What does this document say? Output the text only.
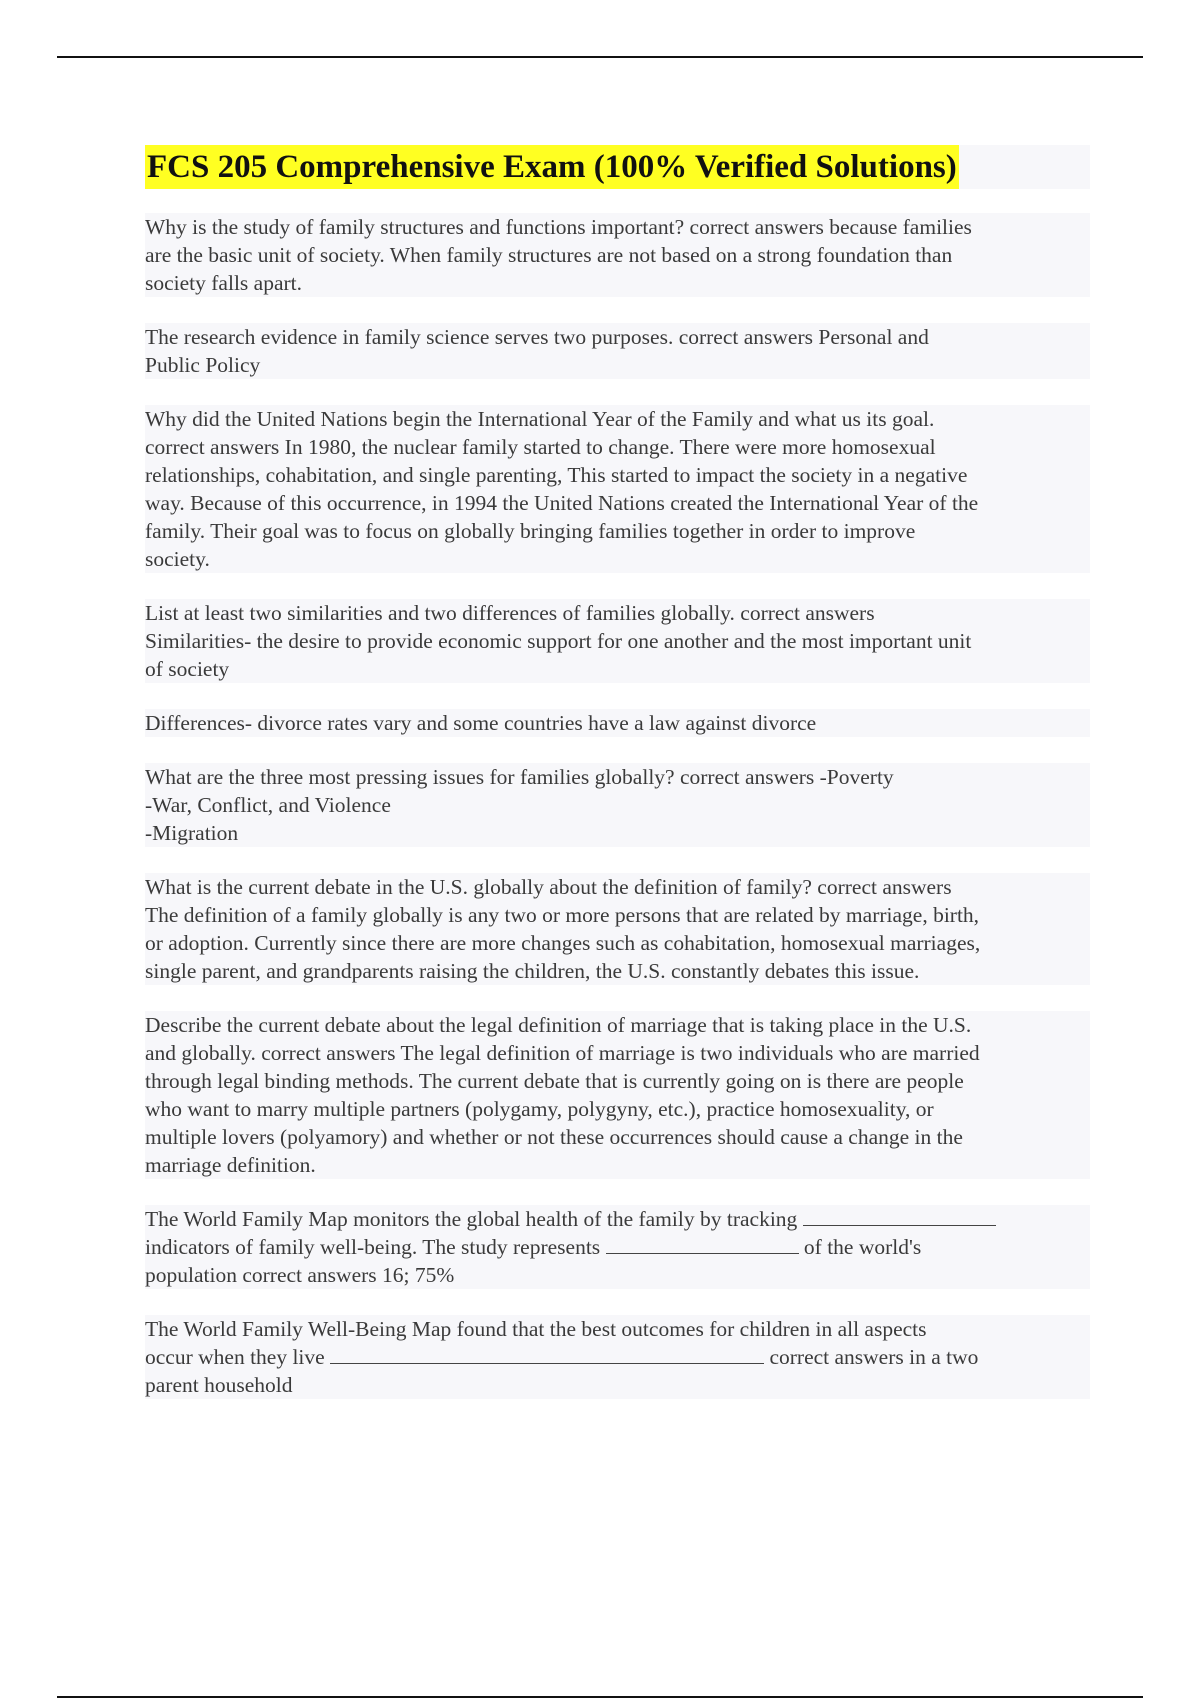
FCS 205 Comprehensive Exam (100% Verified Solutions)
Why is the study of family structures and functions important? correct answers because families
are the basic unit of society. When family structures are not based on a strong foundation than
society falls apart.
The research evidence in family science serves two purposes. correct answers Personal and
Public Policy
Why did the United Nations begin the International Year of the Family and what us its goal.
correct answers In 1980, the nuclear family started to change. There were more homosexual
relationships, cohabitation, and single parenting, This started to impact the society in a negative
way. Because of this occurrence, in 1994 the United Nations created the International Year of the
family. Their goal was to focus on globally bringing families together in order to improve
society.
List at least two similarities and two differences of families globally. correct answers
Similarities- the desire to provide economic support for one another and the most important unit
of society
Differences- divorce rates vary and some countries have a law against divorce
What are the three most pressing issues for families globally? correct answers -Poverty
-War, Conflict, and Violence
-Migration
What is the current debate in the U.S. globally about the definition of family? correct answers
The definition of a family globally is any two or more persons that are related by marriage, birth,
or adoption. Currently since there are more changes such as cohabitation, homosexual marriages,
single parent, and grandparents raising the children, the U.S. constantly debates this issue.
Describe the current debate about the legal definition of marriage that is taking place in the U.S.
and globally. correct answers The legal definition of marriage is two individuals who are married
through legal binding methods. The current debate that is currently going on is there are people
who want to marry multiple partners (polygamy, polygyny, etc.), practice homosexuality, or
multiple lovers (polyamory) and whether or not these occurrences should cause a change in the
marriage definition.
The World Family Map monitors the global health of the family by tracking
indicators of family well-being. The study represents	of the world's
population correct answers 16; 75%
The World Family Well-Being Map found that the best outcomes for children in all aspects
occur when they live	correct answers in a two
parent household
